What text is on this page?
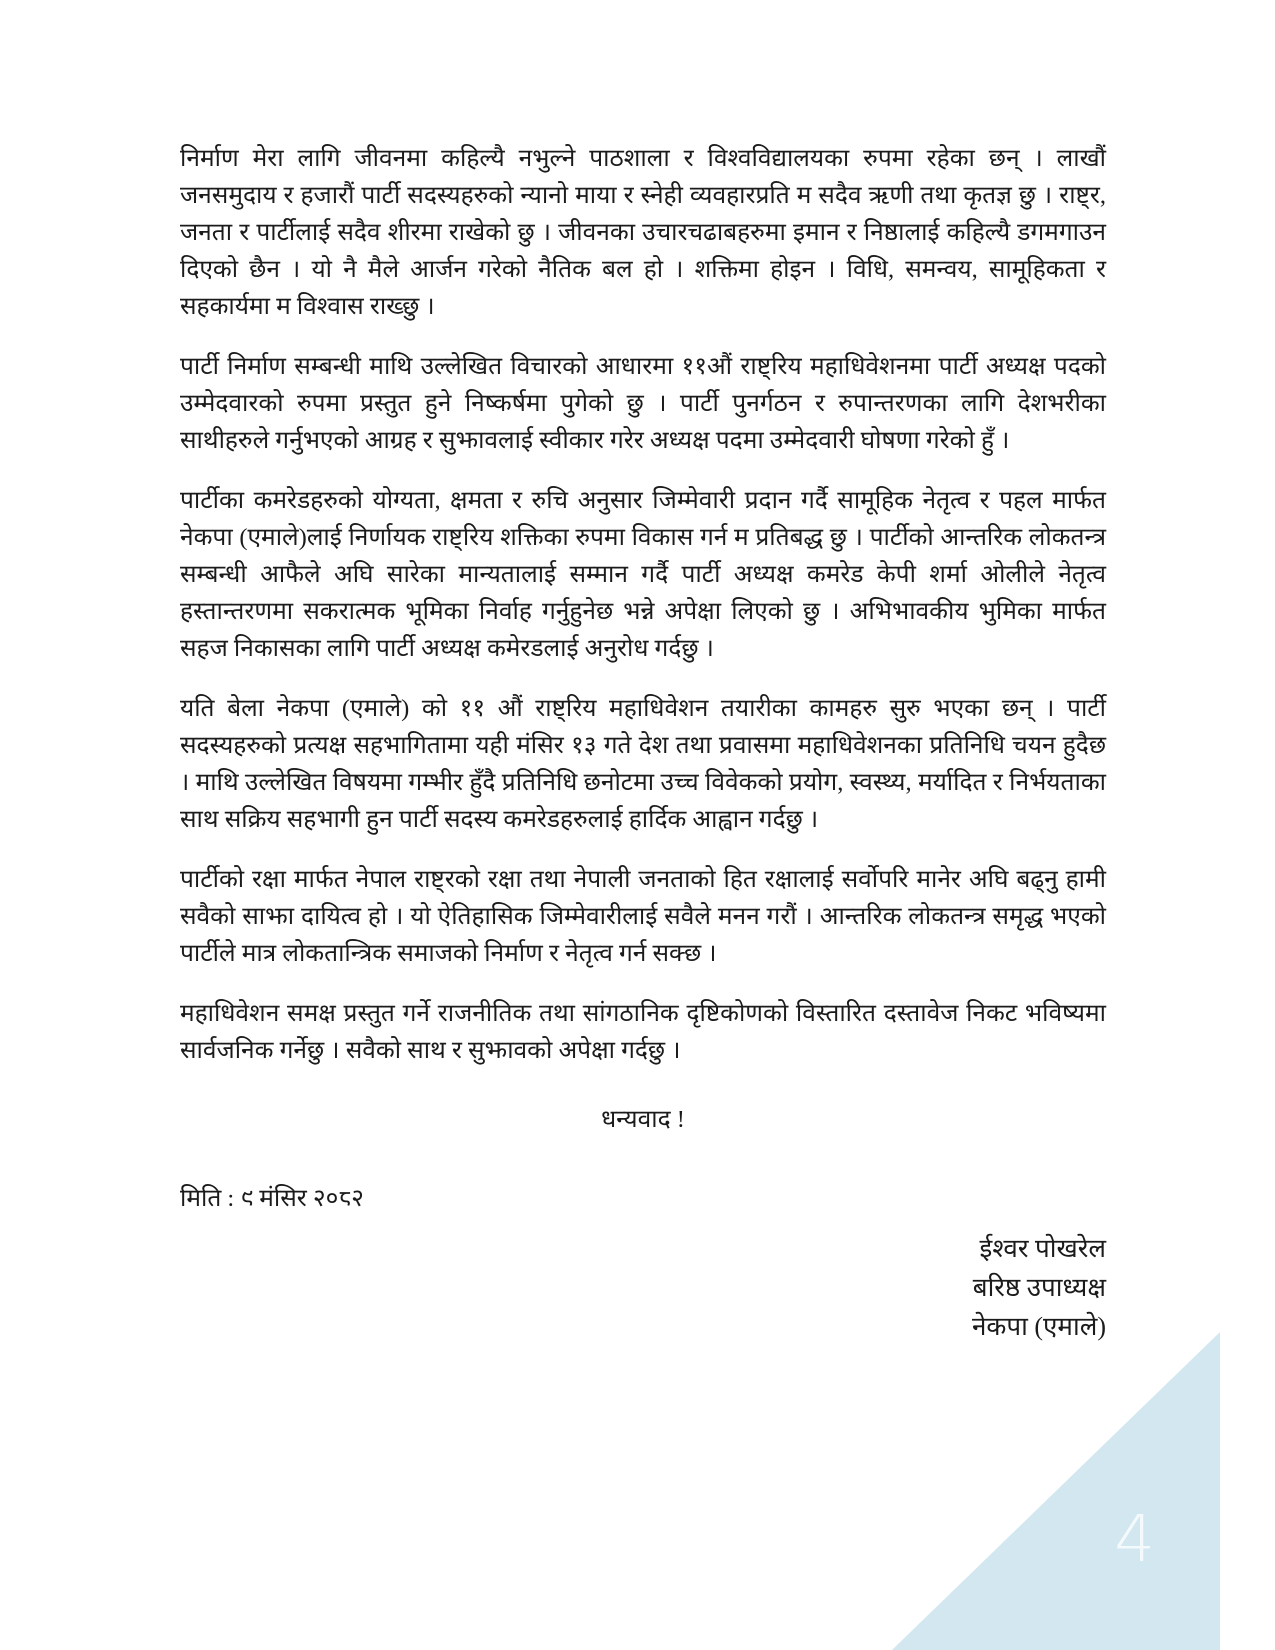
निर्माण मेरा लागि जीवनमा कहिल्यै नभुल्ने पाठशाला र विश्वविद्यालयका रुपमा रहेका छन् । लाखौं जनसमुदाय र हजारौं पार्टी सदस्यहरुको न्यानो माया र स्नेही व्यवहारप्रति म सदैव ऋणी तथा कृतज्ञ छु । राष्ट्र, जनता र पार्टीलाई सदैव शीरमा राखेको छु । जीवनका उचारचढाबहरुमा इमान र निष्ठालाई कहिल्यै डगमगाउन दिएको छैन । यो नै मैले आर्जन गरेको नैतिक बल हो । शक्तिमा होइन । विधि, समन्वय, सामूहिकता र सहकार्यमा म विश्वास राख्छु ।

पार्टी निर्माण सम्बन्धी माथि उल्लेखित विचारको आधारमा ११औं राष्ट्रिय महाधिवेशनमा पार्टी अध्यक्ष पदको उम्मेदवारको रुपमा प्रस्तुत हुने निष्कर्षमा पुगेको छु । पार्टी पुनर्गठन र रुपान्तरणका लागि देशभरीका साथीहरुले गर्नुभएको आग्रह र सुझावलाई स्वीकार गरेर अध्यक्ष पदमा उम्मेदवारी घोषणा गरेको हुँ ।

पार्टीका कमरेडहरुको योग्यता, क्षमता र रुचि अनुसार जिम्मेवारी प्रदान गर्दै सामूहिक नेतृत्व र पहल मार्फत नेकपा (एमाले)लाई निर्णायक राष्ट्रिय शक्तिका रुपमा विकास गर्न म प्रतिबद्ध छु । पार्टीको आन्तरिक लोकतन्त्र सम्बन्धी आफैले अघि सारेका मान्यतालाई सम्मान गर्दै पार्टी अध्यक्ष कमरेड केपी शर्मा ओलीले नेतृत्व हस्तान्तरणमा सकरात्मक भूमिका निर्वाह गर्नुहुनेछ भन्ने अपेक्षा लिएको छु । अभिभावकीय भुमिका मार्फत सहज निकासका लागि पार्टी अध्यक्ष कमेरडलाई अनुरोध गर्दछु ।

यति बेला नेकपा (एमाले) को ११ औं राष्ट्रिय महाधिवेशन तयारीका कामहरु सुरु भएका छन् । पार्टी सदस्यहरुको प्रत्यक्ष सहभागितामा यही मंसिर १३ गते देश तथा प्रवासमा महाधिवेशनका प्रतिनिधि चयन हुदैछ । माथि उल्लेखित विषयमा गम्भीर हुँदै प्रतिनिधि छनोटमा उच्च विवेकको प्रयोग, स्वस्थ्य, मर्यादित र निर्भयताका साथ सक्रिय सहभागी हुन पार्टी सदस्य कमरेडहरुलाई हार्दिक आह्वान गर्दछु ।

पार्टीको रक्षा मार्फत नेपाल राष्ट्रको रक्षा तथा नेपाली जनताको हित रक्षालाई सर्वोपरि मानेर अघि बढ्नु हामी सवैको साझा दायित्व हो । यो ऐतिहासिक जिम्मेवारीलाई सवैले मनन गरौं । आन्तरिक लोकतन्त्र समृद्ध भएको पार्टीले मात्र लोकतान्त्रिक समाजको निर्माण र नेतृत्व गर्न सक्छ ।

महाधिवेशन समक्ष प्रस्तुत गर्ने राजनीतिक तथा सांगठानिक दृष्टिकोणको विस्तारित दस्तावेज निकट भविष्यमा सार्वजनिक गर्नेछु । सवैको साथ र सुझावको अपेक्षा गर्दछु ।

धन्यवाद !

मिति : ९ मंसिर २०८२

ईश्वर पोखरेल
बरिष्ठ उपाध्यक्ष
नेकपा (एमाले)
4
